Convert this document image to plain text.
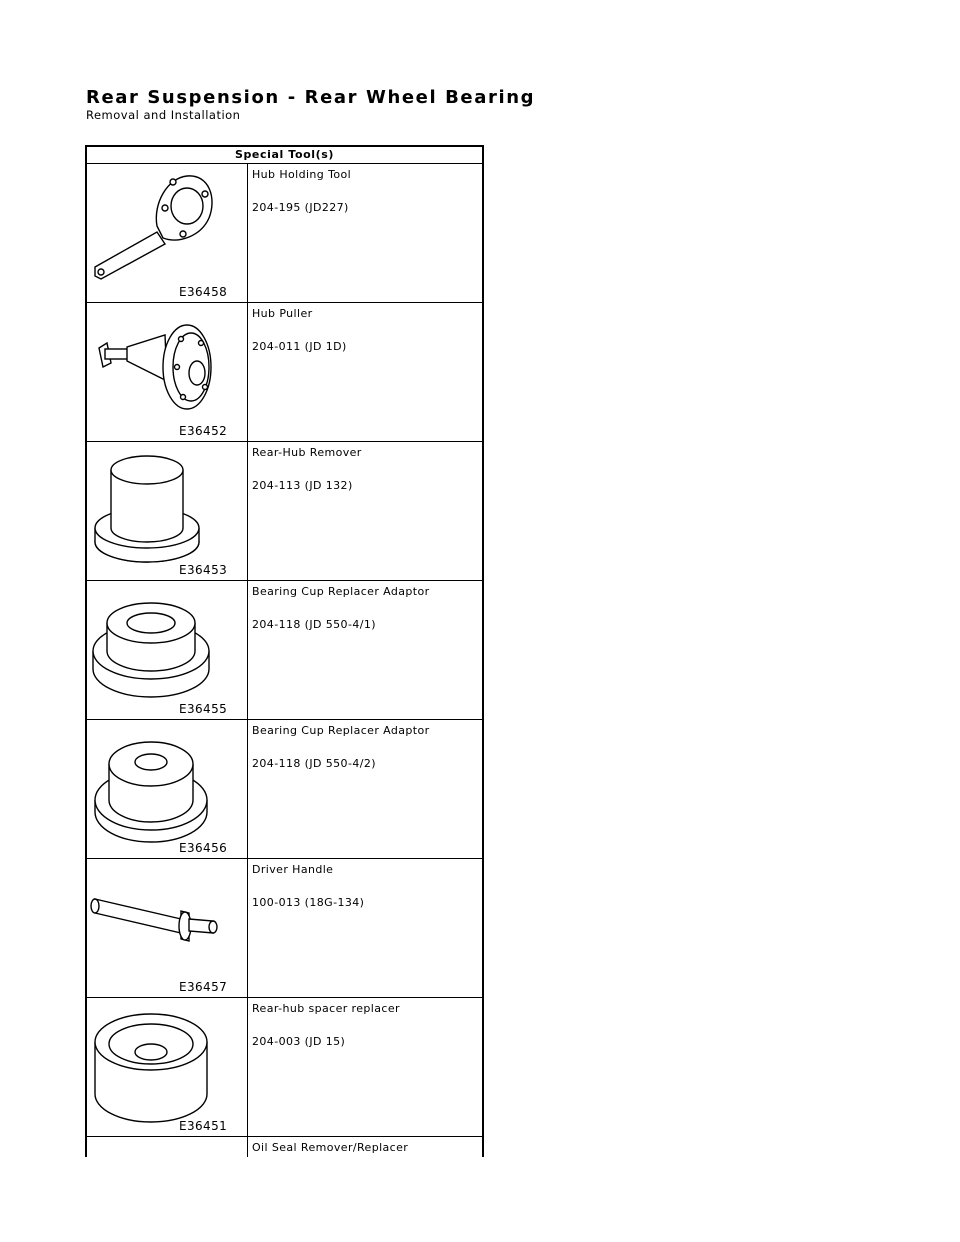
Rear Suspension - Rear Wheel Bearing
Removal and Installation
Special Tool(s)
E36458
Hub Holding Tool
204-195 (JD227)
E36452
Hub Puller
204-011 (JD 1D)
E36453
Rear-Hub Remover
204-113 (JD 132)
E36455
Bearing Cup Replacer Adaptor
204-118 (JD 550-4/1)
E36456
Bearing Cup Replacer Adaptor
204-118 (JD 550-4/2)
E36457
Driver Handle
100-013 (18G-134)
E36451
Rear-hub spacer replacer
204-003 (JD 15)
Oil Seal Remover/Replacer
